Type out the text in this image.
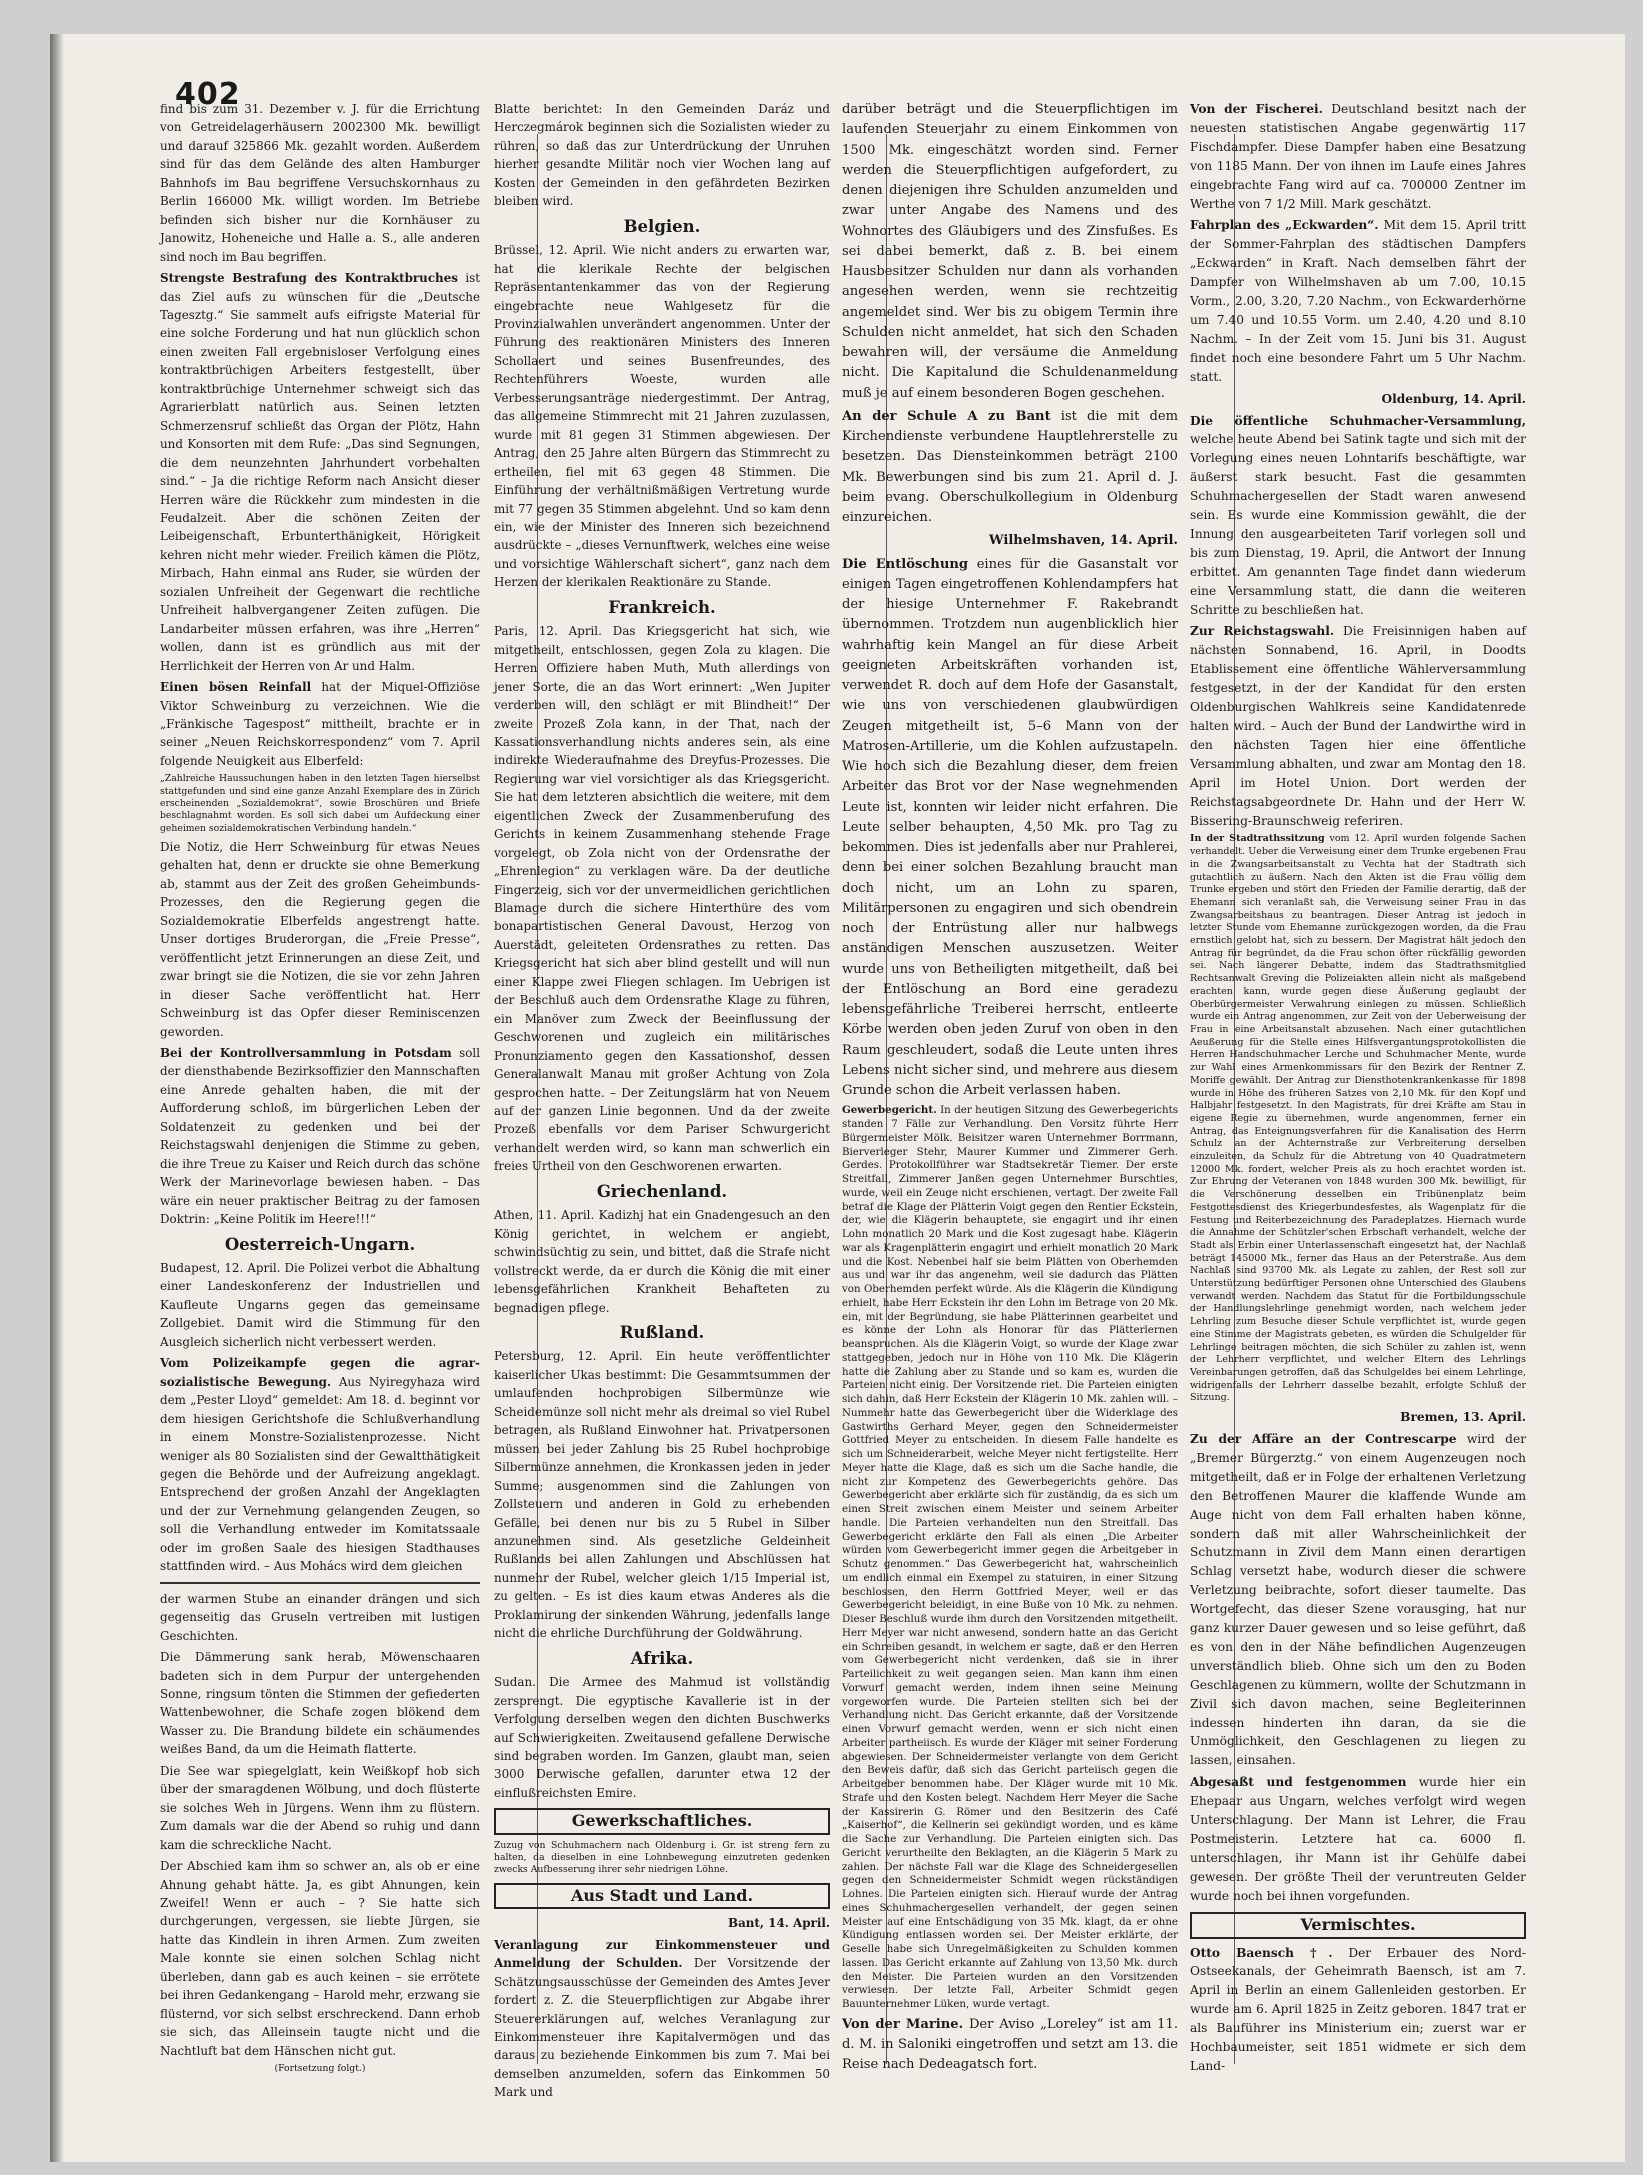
402

find bis zum 31. Dezember v. J. für die Errichtung von Getreidelagerhäusern 2002300 Mk. bewilligt und darauf 325866 Mk. gezahlt worden. Außerdem sind für das dem Gelände des alten Hamburger Bahnhofs im Bau begriffene Versuchskornhaus zu Berlin 166000 Mk. willigt worden. Im Betriebe befinden sich bisher nur die Kornhäuser zu Janowitz, Hoheneiche und Halle a. S., alle anderen sind noch im Bau begriffen.

Strengste Bestrafung des Kontraktbruches ist das Ziel aufs zu wünschen für die „Deutsche Tagesztg.“ Sie sammelt aufs eifrigste Material für eine solche Forderung und hat nun glücklich schon einen zweiten Fall ergebnisloser Verfolgung eines kontraktbrüchigen Arbeiters festgestellt, über kontraktbrüchige Unternehmer schweigt sich das Agrarierblatt natürlich aus. Seinen letzten Schmerzensruf schließt das Organ der Plötz, Hahn und Konsorten mit dem Rufe: „Das sind Segnungen, die dem neunzehnten Jahrhundert vorbehalten sind.“ – Ja die richtige Reform nach Ansicht dieser Herren wäre die Rückkehr zum mindesten in die Feudalzeit. Aber die schönen Zeiten der Leibeigenschaft, Erbunterthänigkeit, Hörigkeit kehren nicht mehr wieder. Freilich kämen die Plötz, Mirbach, Hahn einmal ans Ruder, sie würden der sozialen Unfreiheit der Gegenwart die rechtliche Unfreiheit halbvergangener Zeiten zufügen. Die Landarbeiter müssen erfahren, was ihre „Herren“ wollen, dann ist es gründlich aus mit der Herrlichkeit der Herren von Ar und Halm.

Einen bösen Reinfall hat der Miquel-Offiziöse Viktor Schweinburg zu verzeichnen. Wie die „Fränkische Tagespost“ mittheilt, brachte er in seiner „Neuen Reichskorrespondenz“ vom 7. April folgende Neuigkeit aus Elberfeld:

„Zahlreiche Haussuchungen haben in den letzten Tagen hierselbst stattgefunden und sind eine ganze Anzahl Exemplare des in Zürich erscheinenden „Sozialdemokrat“, sowie Broschüren und Briefe beschlagnahmt worden. Es soll sich dabei um Aufdeckung einer geheimen sozialdemokratischen Verbindung handeln.“

Die Notiz, die Herr Schweinburg für etwas Neues gehalten hat, denn er druckte sie ohne Bemerkung ab, stammt aus der Zeit des großen Geheimbunds-Prozesses, den die Regierung gegen die Sozialdemokratie Elberfelds angestrengt hatte. Unser dortiges Bruderorgan, die „Freie Presse“, veröffentlicht jetzt Erinnerungen an diese Zeit, und zwar bringt sie die Notizen, die sie vor zehn Jahren in dieser Sache veröffentlicht hat. Herr Schweinburg ist das Opfer dieser Reminiscenzen geworden.

Bei der Kontrollversammlung in Potsdam soll der diensthabende Bezirksoffizier den Mannschaften eine Anrede gehalten haben, die mit der Aufforderung schloß, im bürgerlichen Leben der Soldatenzeit zu gedenken und bei der Reichstagswahl denjenigen die Stimme zu geben, die ihre Treue zu Kaiser und Reich durch das schöne Werk der Marinevorlage bewiesen haben. – Das wäre ein neuer praktischer Beitrag zu der famosen Doktrin: „Keine Politik im Heere!!!“

Oesterreich-Ungarn.

Budapest, 12. April. Die Polizei verbot die Abhaltung einer Landeskonferenz der Industriellen und Kaufleute Ungarns gegen das gemeinsame Zollgebiet. Damit wird die Stimmung für den Ausgleich sicherlich nicht verbessert werden.

Vom Polizeikampfe gegen die agrar-sozialistische Bewegung. Aus Nyiregyhaza wird dem „Pester Lloyd“ gemeldet: Am 18. d. beginnt vor dem hiesigen Gerichtshofe die Schlußverhandlung in einem Monstre-Sozialistenprozesse. Nicht weniger als 80 Sozialisten sind der Gewaltthätigkeit gegen die Behörde und der Aufreizung angeklagt. Entsprechend der großen Anzahl der Angeklagten und der zur Vernehmung gelangenden Zeugen, so soll die Verhandlung entweder im Komitatssaale oder im großen Saale des hiesigen Stadthauses stattfinden wird. – Aus Mohács wird dem gleichen

der warmen Stube an einander drängen und sich gegenseitig das Gruseln vertreiben mit lustigen Geschichten.

Die Dämmerung sank herab, Möwenschaaren badeten sich in dem Purpur der untergehenden Sonne, ringsum tönten die Stimmen der gefiederten Wattenbewohner, die Schafe zogen blökend dem Wasser zu. Die Brandung bildete ein schäumendes weißes Band, da um die Heimath flatterte.

Die See war spiegelglatt, kein Weißkopf hob sich über der smaragdenen Wölbung, und doch flüsterte sie solches Weh in Jürgens. Wenn ihm zu flüstern. Zum damals war die der Abend so ruhig und dann kam die schreckliche Nacht.

Der Abschied kam ihm so schwer an, als ob er eine Ahnung gehabt hätte. Ja, es gibt Ahnungen, kein Zweifel! Wenn er auch – ? Sie hatte sich durchgerungen, vergessen, sie liebte Jürgen, sie hatte das Kindlein in ihren Armen. Zum zweiten Male konnte sie einen solchen Schlag nicht überleben, dann gab es auch keinen – sie errötete bei ihren Gedankengang – Harold mehr, erzwang sie flüsternd, vor sich selbst erschreckend. Dann erhob sie sich, das Alleinsein taugte nicht und die Nachtluft bat dem Hänschen nicht gut.

(Fortsetzung folgt.)

Blatte berichtet: In den Gemeinden Daráz und Herczegmárok beginnen sich die Sozialisten wieder zu rühren, so daß das zur Unterdrückung der Unruhen hierher gesandte Militär noch vier Wochen lang auf Kosten der Gemeinden in den gefährdeten Bezirken bleiben wird.

Belgien.

Brüssel, 12. April. Wie nicht anders zu erwarten war, hat die klerikale Rechte der belgischen Repräsentantenkammer das von der Regierung eingebrachte neue Wahlgesetz für die Provinzialwahlen unverändert angenommen. Unter der Führung des reaktionären Ministers des Inneren Schollaert und seines Busenfreundes, des Rechtenführers Woeste, wurden alle Verbesserungsanträge niedergestimmt. Der Antrag, das allgemeine Stimmrecht mit 21 Jahren zuzulassen, wurde mit 81 gegen 31 Stimmen abgewiesen. Der Antrag, den 25 Jahre alten Bürgern das Stimmrecht zu ertheilen, fiel mit 63 gegen 48 Stimmen. Die Einführung der verhältnißmäßigen Vertretung wurde mit 77 gegen 35 Stimmen abgelehnt. Und so kam denn ein, wie der Minister des Inneren sich bezeichnend ausdrückte – „dieses Vernunftwerk, welches eine weise und vorsichtige Wählerschaft sichert“, ganz nach dem Herzen der klerikalen Reaktionäre zu Stande.

Frankreich.

Paris, 12. April. Das Kriegsgericht hat sich, wie mitgetheilt, entschlossen, gegen Zola zu klagen. Die Herren Offiziere haben Muth, Muth allerdings von jener Sorte, die an das Wort erinnert: „Wen Jupiter verderben will, den schlägt er mit Blindheit!“ Der zweite Prozeß Zola kann, in der That, nach der Kassationsverhandlung nichts anderes sein, als eine indirekte Wiederaufnahme des Dreyfus-Prozesses. Die Regierung war viel vorsichtiger als das Kriegsgericht. Sie hat dem letzteren absichtlich die weitere, mit dem eigentlichen Zweck der Zusammenberufung des Gerichts in keinem Zusammenhang stehende Frage vorgelegt, ob Zola nicht von der Ordensrathe der „Ehrenlegion“ zu verklagen wäre. Da der deutliche Fingerzeig, sich vor der unvermeidlichen gerichtlichen Blamage durch die sichere Hinterthüre des vom bonapartistischen General Davoust, Herzog von Auerstädt, geleiteten Ordensrathes zu retten. Das Kriegsgericht hat sich aber blind gestellt und will nun einer Klappe zwei Fliegen schlagen. Im Uebrigen ist der Beschluß auch dem Ordensrathe Klage zu führen, ein Manöver zum Zweck der Beeinflussung der Geschworenen und zugleich ein militärisches Pronunziamento gegen den Kassationshof, dessen Generalanwalt Manau mit großer Achtung von Zola gesprochen hatte. – Der Zeitungslärm hat von Neuem auf der ganzen Linie begonnen. Und da der zweite Prozeß ebenfalls vor dem Pariser Schwurgericht verhandelt werden wird, so kann man schwerlich ein freies Urtheil von den Geschworenen erwarten.

Griechenland.

Athen, 11. April. Kadizhj hat ein Gnadengesuch an den König gerichtet, in welchem er angiebt, schwindsüchtig zu sein, und bittet, daß die Strafe nicht vollstreckt werde, da er durch die König die mit einer lebensgefährlichen Krankheit Behafteten zu begnadigen pflege.

Rußland.

Petersburg, 12. April. Ein heute veröffentlichter kaiserlicher Ukas bestimmt: Die Gesammtsummen der umlaufenden hochprobigen Silbermünze wie Scheidemünze soll nicht mehr als dreimal so viel Rubel betragen, als Rußland Einwohner hat. Privatpersonen müssen bei jeder Zahlung bis 25 Rubel hochprobige Silbermünze annehmen, die Kronkassen jeden in jeder Summe; ausgenommen sind die Zahlungen von Zollsteuern und anderen in Gold zu erhebenden Gefälle, bei denen nur bis zu 5 Rubel in Silber anzunehmen sind. Als gesetzliche Geldeinheit Rußlands bei allen Zahlungen und Abschlüssen hat nunmehr der Rubel, welcher gleich 1/15 Imperial ist, zu gelten. – Es ist dies kaum etwas Anderes als die Proklamirung der sinkenden Währung, jedenfalls lange nicht die ehrliche Durchführung der Goldwährung.

Afrika.

Sudan. Die Armee des Mahmud ist vollständig zersprengt. Die egyptische Kavallerie ist in der Verfolgung derselben wegen den dichten Buschwerks auf Schwierigkeiten. Zweitausend gefallene Derwische sind begraben worden. Im Ganzen, glaubt man, seien 3000 Derwische gefallen, darunter etwa 12 der einflußreichsten Emire.

Gewerkschaftliches.

Zuzug von Schuhmachern nach Oldenburg i. Gr. ist streng fern zu halten, da dieselben in eine Lohnbewegung einzutreten gedenken zwecks Aufbesserung ihrer sehr niedrigen Löhne.

Aus Stadt und Land.

Bant, 14. April.

Veranlagung zur Einkommensteuer und Anmeldung der Schulden. Der Vorsitzende der Schätzungsausschüsse der Gemeinden des Amtes Jever fordert z. Z. die Steuerpflichtigen zur Abgabe ihrer Steuererklärungen auf, welches Veranlagung zur Einkommensteuer ihre Kapitalvermögen und das daraus zu beziehende Einkommen bis zum 7. Mai bei demselben anzumelden, sofern das Einkommen 50 Mark und

darüber beträgt und die Steuerpflichtigen im laufenden Steuerjahr zu einem Einkommen von 1500 Mk. eingeschätzt worden sind. Ferner werden die Steuerpflichtigen aufgefordert, zu denen diejenigen ihre Schulden anzumelden und zwar unter Angabe des Namens und des Wohnortes des Gläubigers und des Zinsfußes. Es sei dabei bemerkt, daß z. B. bei einem Hausbesitzer Schulden nur dann als vorhanden angesehen werden, wenn sie rechtzeitig angemeldet sind. Wer bis zu obigem Termin ihre Schulden nicht anmeldet, hat sich den Schaden bewahren will, der versäume die Anmeldung nicht. Die Kapitalund die Schuldenanmeldung muß je auf einem besonderen Bogen geschehen.

An der Schule A zu Bant ist die mit dem Kirchendienste verbundene Hauptlehrerstelle zu besetzen. Das Diensteinkommen beträgt 2100 Mk. Bewerbungen sind bis zum 21. April d. J. beim evang. Oberschulkollegium in Oldenburg einzureichen.

Wilhelmshaven, 14. April.

Die Entlöschung eines für die Gasanstalt vor einigen Tagen eingetroffenen Kohlendampfers hat der hiesige Unternehmer F. Rakebrandt übernommen. Trotzdem nun augenblicklich hier wahrhaftig kein Mangel an für diese Arbeit geeigneten Arbeitskräften vorhanden ist, verwendet R. doch auf dem Hofe der Gasanstalt, wie uns von verschiedenen glaubwürdigen Zeugen mitgetheilt ist, 5–6 Mann von der Matrosen-Artillerie, um die Kohlen aufzustapeln. Wie hoch sich die Bezahlung dieser, dem freien Arbeiter das Brot vor der Nase wegnehmenden Leute ist, konnten wir leider nicht erfahren. Die Leute selber behaupten, 4,50 Mk. pro Tag zu bekommen. Dies ist jedenfalls aber nur Prahlerei, denn bei einer solchen Bezahlung braucht man doch nicht, um an Lohn zu sparen, Militärpersonen zu engagiren und sich obendrein noch der Entrüstung aller nur halbwegs anständigen Menschen auszusetzen. Weiter wurde uns von Betheiligten mitgetheilt, daß bei der Entlöschung an Bord eine geradezu lebensgefährliche Treiberei herrscht, entleerte Körbe werden oben jeden Zuruf von oben in den Raum geschleudert, sodaß die Leute unten ihres Lebens nicht sicher sind, und mehrere aus diesem Grunde schon die Arbeit verlassen haben.

Gewerbegericht. In der heutigen Sitzung des Gewerbegerichts standen 7 Fälle zur Verhandlung. Den Vorsitz führte Herr Bürgermeister Mölk. Beisitzer waren Unternehmer Borrmann, Bierverleger Stehr, Maurer Kummer und Zimmerer Gerh. Gerdes. Protokollführer war Stadtsekretär Tiemer. Der erste Streitfall, Zimmerer Janßen gegen Unternehmer Burschties, wurde, weil ein Zeuge nicht erschienen, vertagt. Der zweite Fall betraf die Klage der Plätterin Voigt gegen den Rentier Eckstein, der, wie die Klägerin behauptete, sie engagirt und ihr einen Lohn monatlich 20 Mark und die Kost zugesagt habe. Klägerin war als Kragenplätterin engagirt und erhielt monatlich 20 Mark und die Kost. Nebenbei half sie beim Plätten von Oberhemden aus und war ihr das angenehm, weil sie dadurch das Plätten von Oberhemden perfekt würde. Als die Klägerin die Kündigung erhielt, habe Herr Eckstein ihr den Lohn im Betrage von 20 Mk. ein, mit der Begründung, sie habe Plätterinnen gearbeitet und es könne der Lohn als Honorar für das Plätterlernen beanspruchen. Als die Klägerin Voigt, so wurde der Klage zwar stattgegeben, jedoch nur in Höhe von 110 Mk. Die Klägerin hatte die Zahlung aber zu Stande und so kam es, wurden die Parteien nicht einig. Der Vorsitzende riet. Die Parteien einigten sich dahin, daß Herr Eckstein der Klägerin 10 Mk. zahlen will. – Nummehr hatte das Gewerbegericht über die Widerklage des Gastwirths Gerhard Meyer, gegen den Schneidermeister Gottfried Meyer zu entscheiden. In diesem Falle handelte es sich um Schneiderarbeit, welche Meyer nicht fertigstellte. Herr Meyer hatte die Klage, daß es sich um die Sache handle, die nicht zur Kompetenz des Gewerbegerichts gehöre. Das Gewerbegericht aber erklärte sich für zuständig, da es sich um einen Streit zwischen einem Meister und seinem Arbeiter handle. Die Parteien verhandelten nun den Streitfall. Das Gewerbegericht erklärte den Fall als einen „Die Arbeiter würden vom Gewerbegericht immer gegen die Arbeitgeber in Schutz genommen.“ Das Gewerbegericht hat, wahrscheinlich um endlich einmal ein Exempel zu statuiren, in einer Sitzung beschlossen, den Herrn Gottfried Meyer, weil er das Gewerbegericht beleidigt, in eine Buße von 10 Mk. zu nehmen. Dieser Beschluß wurde ihm durch den Vorsitzenden mitgetheilt. Herr Meyer war nicht anwesend, sondern hatte an das Gericht ein Schreiben gesandt, in welchem er sagte, daß er den Herren vom Gewerbegericht nicht verdenken, daß sie in ihrer Parteilichkeit zu weit gegangen seien. Man kann ihm einen Vorwurf gemacht werden, indem ihnen seine Meinung vorgeworfen wurde. Die Parteien stellten sich bei der Verhandlung nicht. Das Gericht erkannte, daß der Vorsitzende einen Vorwurf gemacht werden, wenn er sich nicht einen Arbeiter partheiisch. Es wurde der Kläger mit seiner Forderung abgewiesen. Der Schneidermeister verlangte von dem Gericht den Beweis dafür, daß sich das Gericht parteiisch gegen die Arbeitgeber benommen habe. Der Kläger wurde mit 10 Mk. Strafe und den Kosten belegt. Nachdem Herr Meyer die Sache der Kassirerin G. Römer und den Besitzerin des Café „Kaiserhof“, die Kellnerin sei gekündigt worden, und es käme die Sache zur Verhandlung. Die Parteien einigten sich. Das Gericht verurtheilte den Beklagten, an die Klägerin 5 Mark zu zahlen. Der nächste Fall war die Klage des Schneidergesellen gegen den Schneidermeister Schmidt wegen rückständigen Lohnes. Die Parteien einigten sich. Hierauf wurde der Antrag eines Schuhmachergesellen verhandelt, der gegen seinen Meister auf eine Entschädigung von 35 Mk. klagt, da er ohne Kündigung entlassen worden sei. Der Meister erklärte, der Geselle habe sich Unregelmäßigkeiten zu Schulden kommen lassen. Das Gericht erkannte auf Zahlung von 13,50 Mk. durch den Meister. Die Parteien wurden an den Vorsitzenden verwiesen. Der letzte Fall, Arbeiter Schmidt gegen Bauunternehmer Lüken, wurde vertagt.

Von der Marine. Der Aviso „Loreley“ ist am 11. d. M. in Saloniki eingetroffen und setzt am 13. die Reise nach Dedeagatsch fort.

Von der Fischerei. Deutschland besitzt nach der neuesten statistischen Angabe gegenwärtig 117 Fischdampfer. Diese Dampfer haben eine Besatzung von 1185 Mann. Der von ihnen im Laufe eines Jahres eingebrachte Fang wird auf ca. 700000 Zentner im Werthe von 7 1/2 Mill. Mark geschätzt.

Fahrplan des „Eckwarden“. Mit dem 15. April tritt der Sommer-Fahrplan des städtischen Dampfers „Eckwarden“ in Kraft. Nach demselben fährt der Dampfer von Wilhelmshaven ab um 7.00, 10.15 Vorm., 2.00, 3.20, 7.20 Nachm., von Eckwarderhörne um 7.40 und 10.55 Vorm. um 2.40, 4.20 und 8.10 Nachm. – In der Zeit vom 15. Juni bis 31. August findet noch eine besondere Fahrt um 5 Uhr Nachm. statt.

Oldenburg, 14. April.

Die öffentliche Schuhmacher-Versammlung, welche heute Abend bei Satink tagte und sich mit der Vorlegung eines neuen Lohntarifs beschäftigte, war äußerst stark besucht. Fast die gesammten Schuhmachergesellen der Stadt waren anwesend sein. Es wurde eine Kommission gewählt, die der Innung den ausgearbeiteten Tarif vorlegen soll und bis zum Dienstag, 19. April, die Antwort der Innung erbittet. Am genannten Tage findet dann wiederum eine Versammlung statt, die dann die weiteren Schritte zu beschließen hat.

Zur Reichstagswahl. Die Freisinnigen haben auf nächsten Sonnabend, 16. April, in Doodts Etablissement eine öffentliche Wählerversammlung festgesetzt, in der der Kandidat für den ersten Oldenburgischen Wahlkreis seine Kandidatenrede halten wird. – Auch der Bund der Landwirthe wird in den nächsten Tagen hier eine öffentliche Versammlung abhalten, und zwar am Montag den 18. April im Hotel Union. Dort werden der Reichstagsabgeordnete Dr. Hahn und der Herr W. Bissering-Braunschweig referiren.

In der Stadtrathssitzung vom 12. April wurden folgende Sachen verhandelt. Ueber die Verweisung einer dem Trunke ergebenen Frau in die Zwangsarbeitsanstalt zu Vechta hat der Stadtrath sich gutachtlich zu äußern. Nach den Akten ist die Frau völlig dem Trunke ergeben und stört den Frieden der Familie derartig, daß der Ehemann sich veranlaßt sah, die Verweisung seiner Frau in das Zwangsarbeitshaus zu beantragen. Dieser Antrag ist jedoch in letzter Stunde vom Ehemanne zurückgezogen worden, da die Frau ernstlich gelobt hat, sich zu bessern. Der Magistrat hält jedoch den Antrag für begründet, da die Frau schon öfter rückfällig geworden sei. Nach längerer Debatte, indem das Stadtrathsmitglied Rechtsanwalt Greving die Polizeiakten allein nicht als maßgebend erachten kann, wurde gegen diese Äußerung geglaubt der Oberbürgermeister Verwahrung einlegen zu müssen. Schließlich wurde ein Antrag angenommen, zur Zeit von der Ueberweisung der Frau in eine Arbeitsanstalt abzusehen. Nach einer gutachtlichen Aeußerung für die Stelle eines Hilfsvergantungsprotokollisten die Herren Handschuhmacher Lerche und Schuhmacher Mente, wurde zur Wahl eines Armenkommissars für den Bezirk der Rentner Z. Moriffe gewählt. Der Antrag zur Diensthotenkrankenkasse für 1898 wurde in Höhe des früheren Satzes von 2,10 Mk. für den Kopf und Halbjahr festgesetzt. In den Magistrats, für drei Kräfte am Stau in eigene Regie zu übernehmen, wurde angenommen, ferner ein Antrag, das Enteignungsverfahren für die Kanalisation des Herrn Schulz an der Achternstraße zur Verbreiterung derselben einzuleiten, da Schulz für die Abtretung von 40 Quadratmetern 12000 Mk. fordert, welcher Preis als zu hoch erachtet worden ist. Zur Ehrung der Veteranen von 1848 wurden 300 Mk. bewilligt, für die Verschönerung desselben ein Tribünenplatz beim Festgottesdienst des Kriegerbundesfestes, als Wagenplatz für die Festung und Reiterbezeichnung des Paradeplatzes. Hiernach wurde die Annahme der Schützler'schen Erbschaft verhandelt, welche der Stadt als Erbin einer Unterlassenschaft eingesetzt hat, der Nachlaß beträgt 145000 Mk., ferner das Haus an der Peterstraße. Aus dem Nachlaß sind 93700 Mk. als Legate zu zahlen, der Rest soll zur Unterstützung bedürftiger Personen ohne Unterschied des Glaubens verwandt werden. Nachdem das Statut für die Fortbildungsschule der Handlungslehrlinge genehmigt worden, nach welchem jeder Lehrling zum Besuche dieser Schule verpflichtet ist, wurde gegen eine Stimme der Magistrats gebeten, es würden die Schulgelder für Lehrlinge beitragen möchten, die sich Schüler zu zahlen ist, wenn der Lehrherr verpflichtet, und welcher Eltern des Lehrlings Vereinbarungen getroffen, daß das Schulgeldes bei einem Lehrlinge, widrigenfalls der Lehrherr dasselbe bezahlt, erfolgte Schluß der Sitzung.

Bremen, 13. April.

Zu der Affäre an der Contrescarpe wird der „Bremer Bürgerztg.“ von einem Augenzeugen noch mitgetheilt, daß er in Folge der erhaltenen Verletzung den Betroffenen Maurer die klaffende Wunde am Auge nicht von dem Fall erhalten haben könne, sondern daß mit aller Wahrscheinlichkeit der Schutzmann in Zivil dem Mann einen derartigen Schlag versetzt habe, wodurch dieser die schwere Verletzung beibrachte, sofort dieser taumelte. Das Wortgefecht, das dieser Szene vorausging, hat nur ganz kurzer Dauer gewesen und so leise geführt, daß es von den in der Nähe befindlichen Augenzeugen unverständlich blieb. Ohne sich um den zu Boden Geschlagenen zu kümmern, wollte der Schutzmann in Zivil sich davon machen, seine Begleiterinnen indessen hinderten ihn daran, da sie die Unmöglichkeit, den Geschlagenen zu liegen zu lassen, einsahen.

Abgesaßt und festgenommen wurde hier ein Ehepaar aus Ungarn, welches verfolgt wird wegen Unterschlagung. Der Mann ist Lehrer, die Frau Postmeisterin. Letztere hat ca. 6000 fl. unterschlagen, ihr Mann ist ihr Gehülfe dabei gewesen. Der größte Theil der veruntreuten Gelder wurde noch bei ihnen vorgefunden.

Vermischtes.

Otto Baensch †. Der Erbauer des Nord-Ostseekanals, der Geheimrath Baensch, ist am 7. April in Berlin an einem Gallenleiden gestorben. Er wurde am 6. April 1825 in Zeitz geboren. 1847 trat er als Bauführer ins Ministerium ein; zuerst war er Hochbaumeister, seit 1851 widmete er sich dem Land-
